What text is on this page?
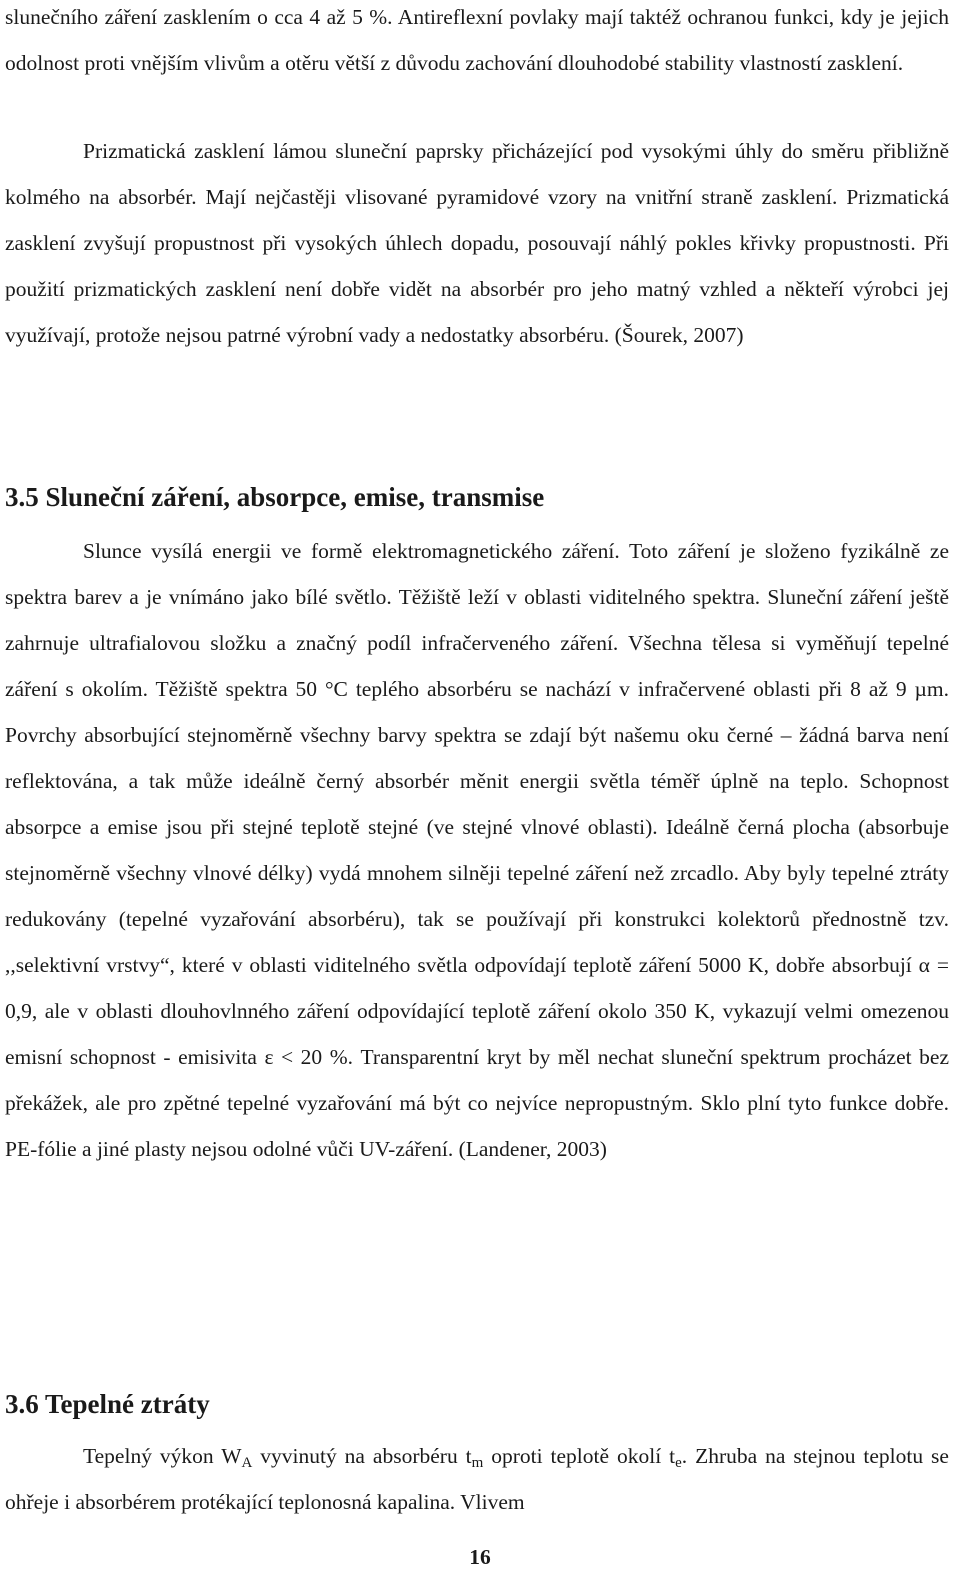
slunečního záření zasklením o cca 4 až 5 %. Antireflexní povlaky mají taktéž ochranou funkci, kdy je jejich odolnost proti vnějším vlivům a otěru větší z důvodu zachování dlouhodobé stability vlastností zasklení.

Prizmatická zasklení lámou sluneční paprsky přicházející pod vysokými úhly do směru přibližně kolmého na absorbér. Mají nejčastěji vlisované pyramidové vzory na vnitřní straně zasklení. Prizmatická zasklení zvyšují propustnost při vysokých úhlech dopadu, posouvají náhlý pokles křivky propustnosti. Při použití prizmatických zasklení není dobře vidět na absorbér pro jeho matný vzhled a někteří výrobci jej využívají, protože nejsou patrné výrobní vady a nedostatky absorbéru. (Šourek, 2007)

3.5 Sluneční záření, absorpce, emise, transmise

Slunce vysílá energii ve formě elektromagnetického záření. Toto záření je složeno fyzikálně ze spektra barev a je vnímáno jako bílé světlo. Těžiště leží v oblasti viditelného spektra. Sluneční záření ještě zahrnuje ultrafialovou složku a značný podíl infračerveného záření. Všechna tělesa si vyměňují tepelné záření s okolím. Těžiště spektra 50 °C teplého absorbéru se nachází v infračervené oblasti při 8 až 9 µm. Povrchy absorbující stejnoměrně všechny barvy spektra se zdají být našemu oku černé – žádná barva není reflektována, a tak může ideálně černý absorbér měnit energii světla téměř úplně na teplo. Schopnost absorpce a emise jsou při stejné teplotě stejné (ve stejné vlnové oblasti). Ideálně černá plocha (absorbuje stejnoměrně všechny vlnové délky) vydá mnohem silněji tepelné záření než zrcadlo. Aby byly tepelné ztráty redukovány (tepelné vyzařování absorbéru), tak se používají při konstrukci kolektorů přednostně tzv. ,,selektivní vrstvy“, které v oblasti viditelného světla odpovídají teplotě záření 5000 K, dobře absorbují α = 0,9, ale v oblasti dlouhovlnného záření odpovídající teplotě záření okolo 350 K, vykazují velmi omezenou emisní schopnost - emisivita ε < 20 %. Transparentní kryt by měl nechat sluneční spektrum procházet bez překážek, ale pro zpětné tepelné vyzařování má být co nejvíce nepropustným. Sklo plní tyto funkce dobře. PE-fólie a jiné plasty nejsou odolné vůči UV-záření. (Landener, 2003)

3.6 Tepelné ztráty

Tepelný výkon $W_A$ vyvinutý na absorbéru $t_m$ oproti teplotě okolí $t_e$. Zhruba na stejnou teplotu se ohřeje i absorbérem protékající teplonosná kapalina. Vlivem

16
